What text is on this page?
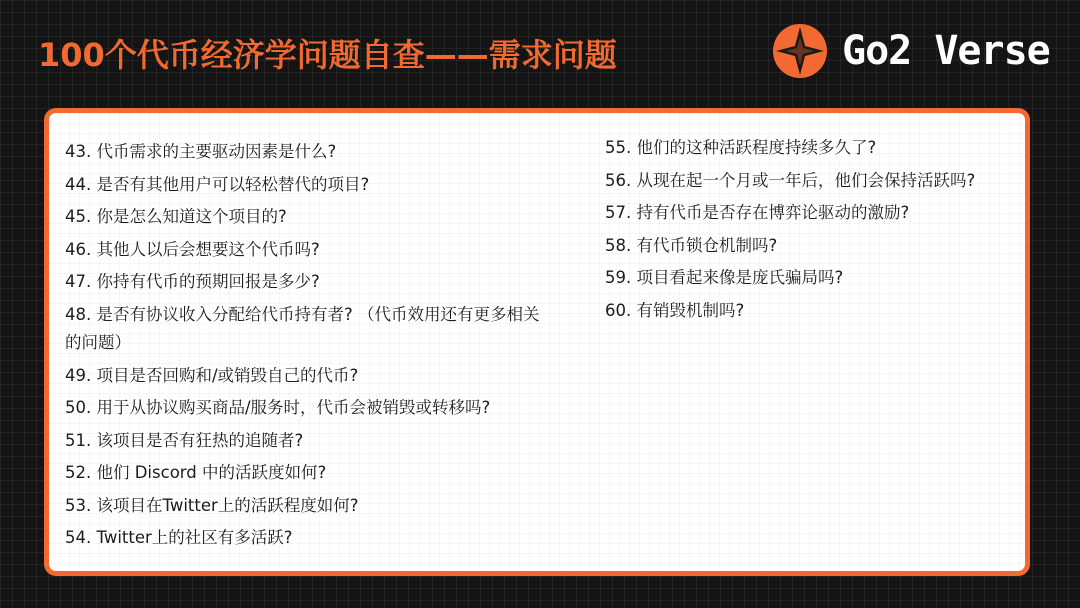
100个代币经济学问题自查——需求问题	Go2 Verse
43. 代币需求的主要驱动因素是什么?
44. 是否有其他用户可以轻松替代的项目?
45. 你是怎么知道这个项目的?
46. 其他人以后会想要这个代币吗?
47. 你持有代币的预期回报是多少?
48. 是否有协议收入分配给代币持有者? （代币效用还有更多相关的问题）
49. 项目是否回购和/或销毁自己的代币?
50. 用于从协议购买商品/服务时，代币会被销毁或转移吗?
51. 该项目是否有狂热的追随者?
52. 他们 Discord 中的活跃度如何?
53. 该项目在Twitter上的活跃程度如何?
54. Twitter上的社区有多活跃?
55. 他们的这种活跃程度持续多久了?
56. 从现在起一个月或一年后，他们会保持活跃吗?
57. 持有代币是否存在博弈论驱动的激励?
58. 有代币锁仓机制吗?
59. 项目看起来像是庞氏骗局吗?
60. 有销毁机制吗?
